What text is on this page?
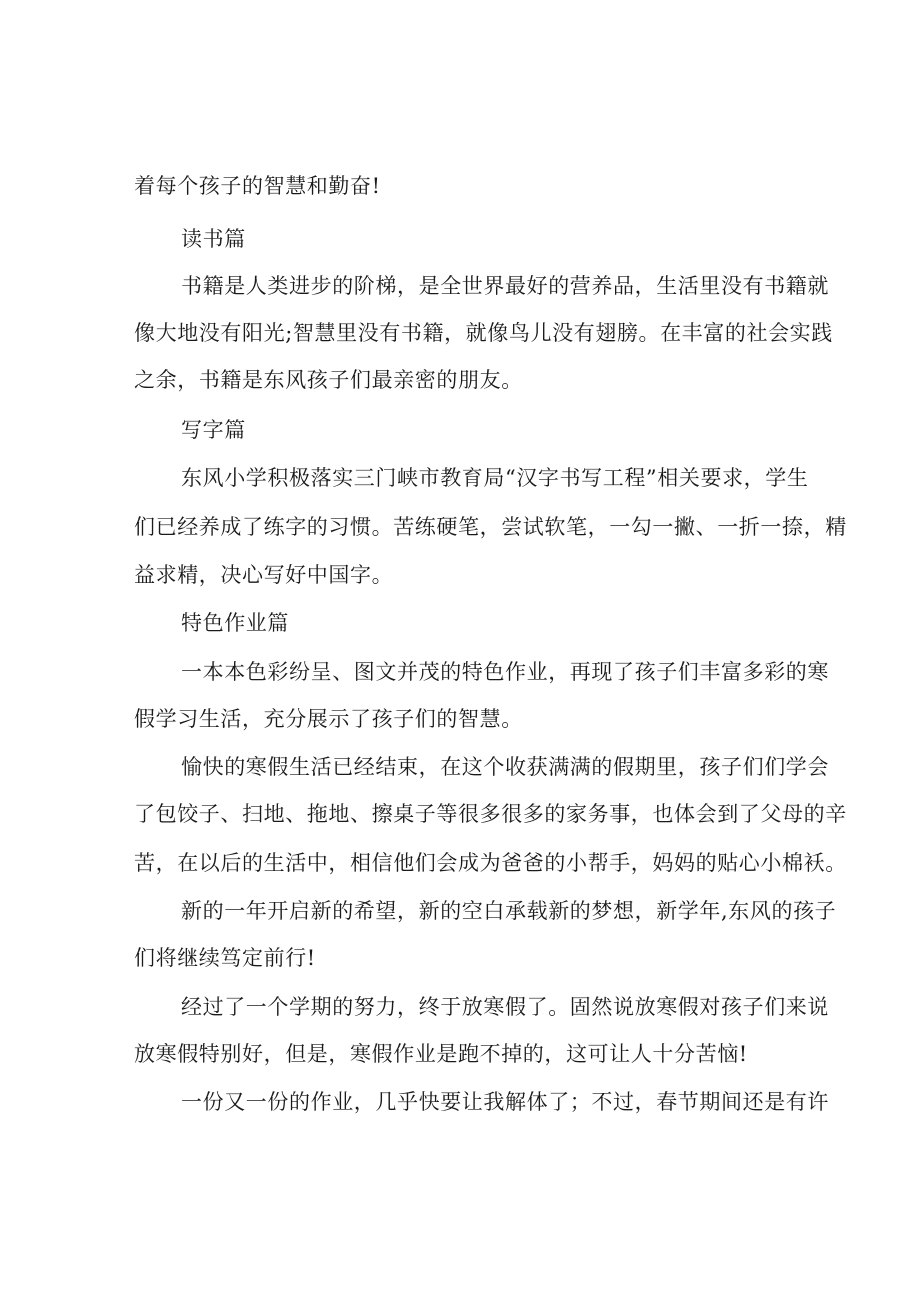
着每个孩子的智慧和勤奋!
读书篇
书籍是人类进步的阶梯，是全世界最好的营养品，生活里没有书籍就
像大地没有阳光;智慧里没有书籍，就像鸟儿没有翅膀。在丰富的社会实践
之余，书籍是东风孩子们最亲密的朋友。
写字篇
东风小学积极落实三门峡市教育局“汉字书写工程”相关要求，学生
们已经养成了练字的习惯。苦练硬笔，尝试软笔，一勾一撇、一折一捺，精
益求精，决心写好中国字。
特色作业篇
一本本色彩纷呈、图文并茂的特色作业，再现了孩子们丰富多彩的寒
假学习生活，充分展示了孩子们的智慧。
愉快的寒假生活已经结束，在这个收获满满的假期里，孩子们们学会
了包饺子、扫地、拖地、擦桌子等很多很多的家务事，也体会到了父母的辛
苦，在以后的生活中，相信他们会成为爸爸的小帮手，妈妈的贴心小棉袄。
新的一年开启新的希望，新的空白承载新的梦想，新学年,东风的孩子
们将继续笃定前行!
经过了一个学期的努力，终于放寒假了。固然说放寒假对孩子们来说
放寒假特别好，但是，寒假作业是跑不掉的，这可让人十分苦恼!
一份又一份的作业，几乎快要让我解体了；不过，春节期间还是有许
